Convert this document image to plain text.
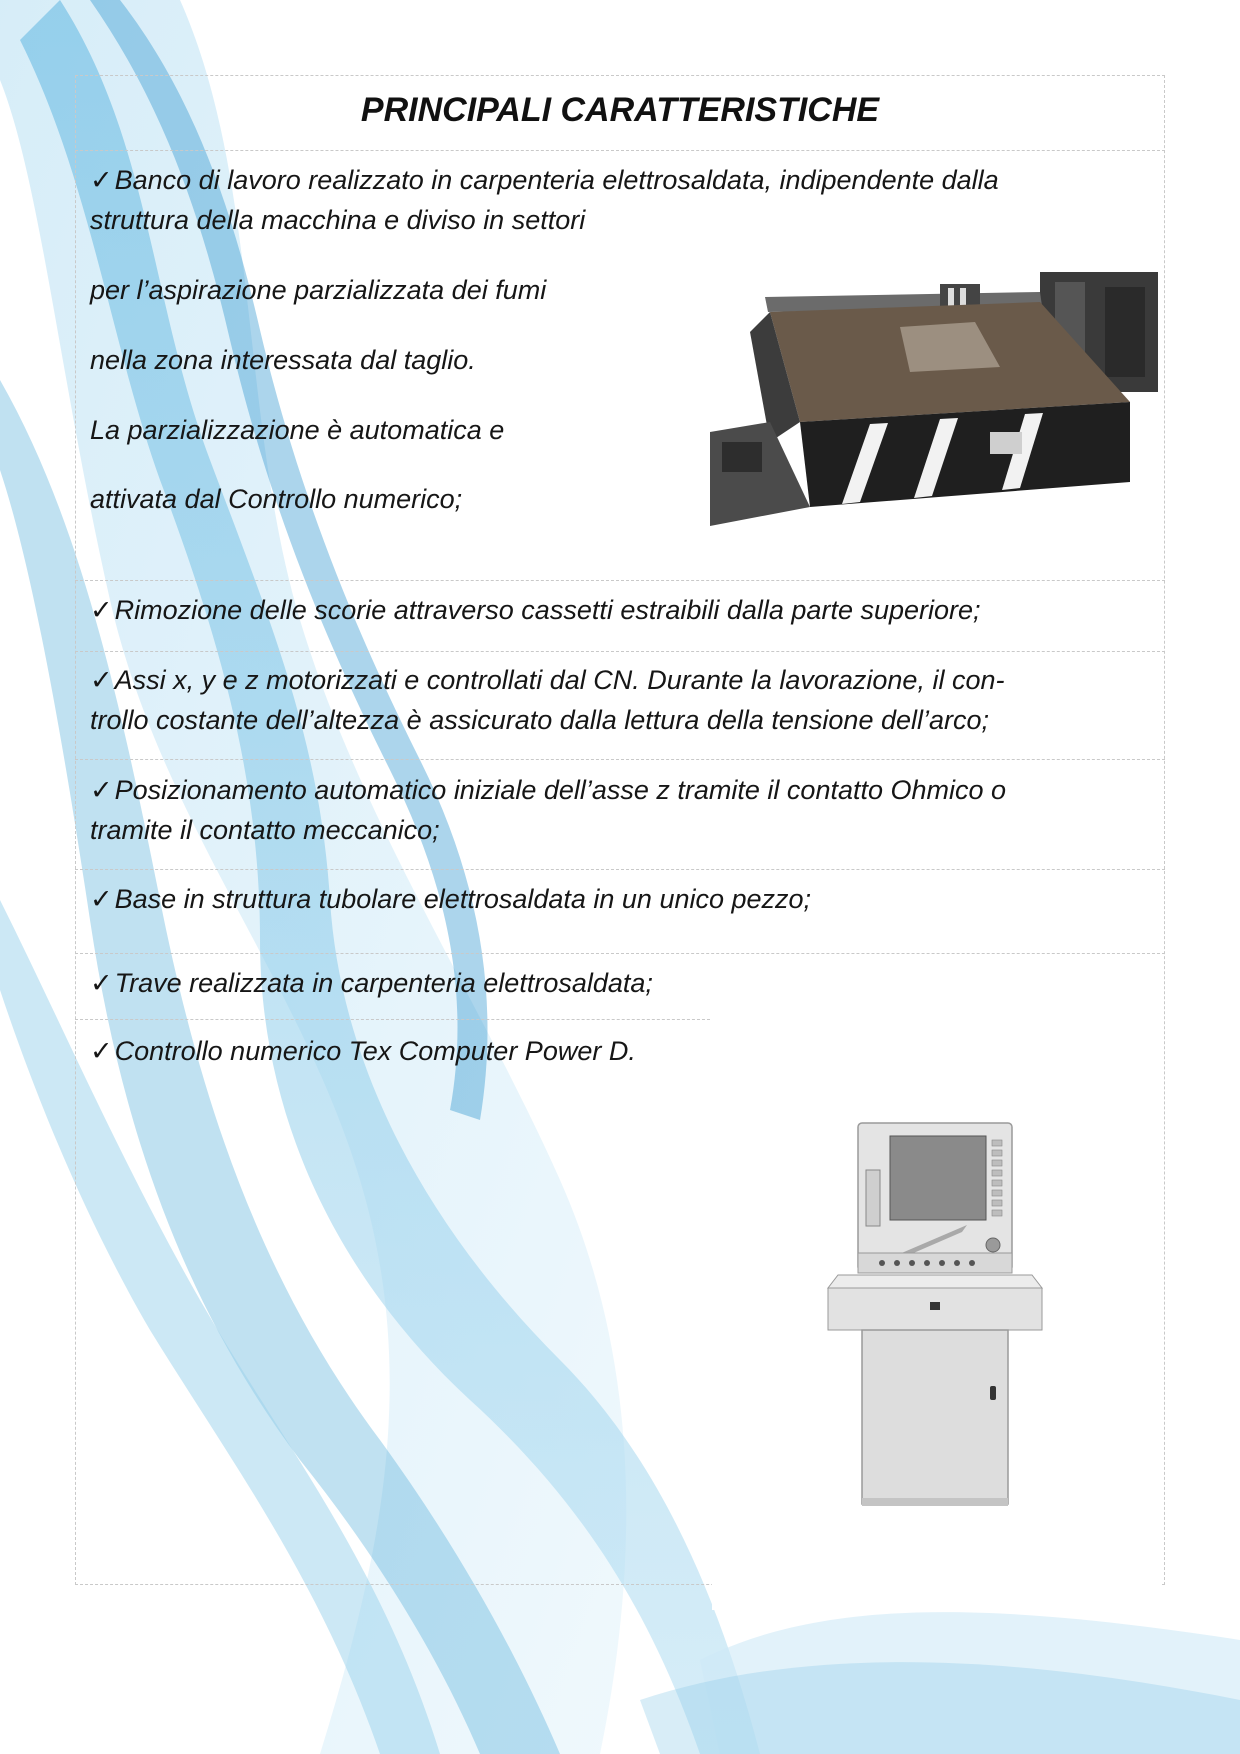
PRINCIPALI CARATTERISTICHE
✓Banco di lavoro realizzato in carpenteria elettrosaldata, indipendente dalla
struttura della macchina e diviso in settori
per l’aspirazione parzializzata dei fumi
nella zona interessata dal taglio.
La parzializzazione è automatica e
attivata dal Controllo numerico;
✓Rimozione delle scorie attraverso cassetti estraibili dalla parte superiore;
✓Assi x, y e z motorizzati e controllati dal CN. Durante la lavorazione, il con-
trollo costante dell’altezza è assicurato dalla lettura della tensione dell’arco;
✓Posizionamento automatico iniziale dell’asse z tramite il contatto Ohmico o
tramite il contatto meccanico;
✓Base in struttura tubolare elettrosaldata in un unico pezzo;
✓Trave realizzata in carpenteria elettrosaldata;
✓Controllo numerico Tex Computer Power D.
